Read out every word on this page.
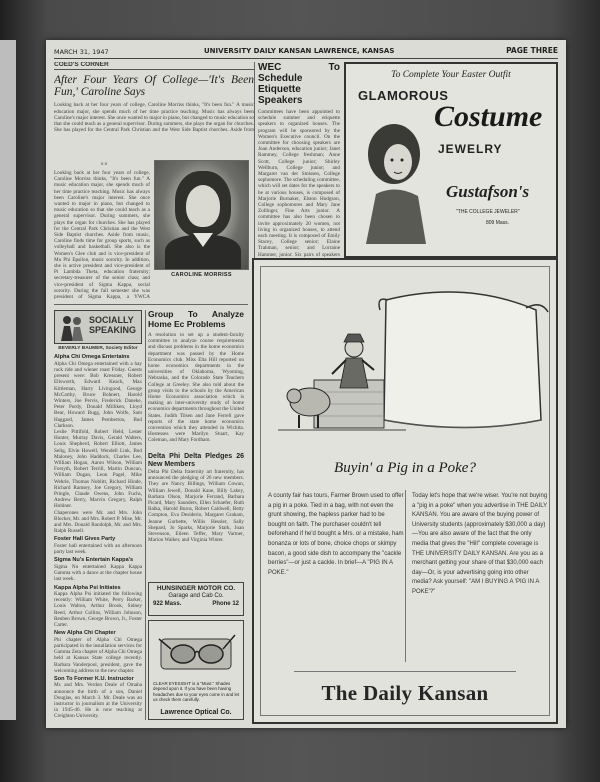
MARCH 31, 1947	UNIVERSITY DAILY KANSAN LAWRENCE, KANSAS	PAGE THREE
COED'S CORNER
After Four Years Of College—'It's Been Fun,' Caroline Says
Looking back at her four years of college, Caroline Morriss thinks, "It's been fun." A music education major, she spends much of her time practice teaching. Music has always been Caroline's major interest. She once wanted to major in piano, but changed to music education so that she could teach as a general supervisor. During summers, she plays the organ for churches. She has played for the Central Park Christian and the West Side Baptist churches. Aside from
o o
Looking back at her four years of college, Caroline Morriss thinks, "It's been fun." A music education major, she spends much of her time practice teaching. Music has always been Caroline's major interest. She once wanted to major in piano, but changed to music education so that she could teach as a general supervisor. During summers, she plays the organ for churches. She has played for the Central Park Christian and the West Side Baptist churches. Aside from music, Caroline finds time for group sports, such as volleyball and basketball. She also is the Women's Glee club and is vice-president of Mu Phi Epsilon, music sorority. In addition, she is active president and vice-president of Pi Lambda Theta, education fraternity; secretary-treasurer of the senior class; and vice-president of Sigma Kappa, social sorority. During the fall semester she was president of Sigma Kappa, a YWCA
CAROLINE MORRISS
WEC To Schedule Etiquette Speakers
Committees have been appointed to schedule summer and etiquette speakers to organized houses. The program will be sponsored by the Women's Executive council. On the committee for choosing speakers are Joan Anderson, education junior; Janet Rammey, College freshman; Anne Scott, College junior; Shirley Wellburn, College junior; and Margaret van der Smissen, College sophomore. The scheduling committee, which will set dates for the speakers to be at various houses, is composed of Marjorie Burnaker, Elston Hodgson, College sophomores and Mary Jane Zollinger, Fine Arts junior. A committee has also been chosen to invite approximately 20 women, not living in organized houses, to attend each meeting. It is composed of Emily Stacey, College senior; Elaine Trahman, senior; and Lorraine Hammer, junior. Six pairs of speakers
To Complete Your Easter Outfit
GLAMOROUS
Costume
JEWELRY
Gustafson's
"THE COLLEGE JEWELER"
809 Mass.
SOCIALLY
SPEAKING
BEVERLY BAUMER, Society Editor
Alpha Chi Omega Entertains
Alpha Chi Omega entertained with a hay rack ride and wiener roast Friday. Guests present were: Bob Kressner, Robert Ellsworth, Edward Keach, Max Kittleman, Harry Livingood, George McCarthy, Bruce Bohnert, Harold Winters, Joe Pervis, Frederick Daneke, Peter Purdy, Donald Milliken, Lloyd Bear, Howard Bugg, John Wolfe, Sam Haggard, James Pemberton, Bud Clarkson.
Leslie Pittifold, Robert Held, Lester Hunter, Murray Davis, Gerald Walters, Louis Shepherd, Robert Elliott, James Selig, Elvin Howell, Wendell Link, Bud Maloney, John Haddock, Charles Lee, William Hogan, Aaron Wilson, William Forsyth, Robert Terrill, Martin Duncan, William Dugan, Leon Pagel, Mike Wehrle, Thomas Noblitt, Richard Hinde, Richard Ramsey, Joe Gregory, William Pringle, Claude Owens, John Fuchs, Andrew Berry, Marvin Gregory, Ralph Hohlner.
Chaperones were Mr. and Mrs. John Blocker, Mr. and Mrs. Robert P. Mise, Mr. and Mrs. Donald Randolph, Mr. and Mrs. Ralph Russell.
Foster Hall Gives Party
Foster hall entertained with an afternoon party last week.
Sigma Nu's Entertain Kappa's
Sigma Nu entertained Kappa Kappa Gamma with a dance at the chapter house last week.
Kappa Alpha Psi Initiates
Kappa Alpha Psi initiated the following recently: William White, Perry Barker, Louis Walton, Arthur Brook, Sidney Reed, Arthur Collins, William Johnson, Reuben Brown, George Brown, Jr., Foster Carter.
New Alpha Chi Chapter
Phi chapter of Alpha Chi Omega participated in the installation services for Gamma Zeta chapter of Alpha Chi Omega held at Kansas State college recently. Barbara Vanderpool, president, gave the welcoming address to the new chapter.
Son To Former K.U. Instructor
Mr. and Mrs. Verdon Deale of Omaha announce the birth of a son, Daniel Douglas, on March 3. Mr. Deale was an instructor in journalism at the University in 1945-46. He is now teaching at Creighton University.
Group To Analyze Home Ec Problems
A resolution to set up a student-faculty committee to analyze course requirements and discuss problems in the home economics department was passed by the Home Economics club. Miss Elta Hill reported on home economics departments in the universities of Oklahoma, Wyoming, Nebraska, and the Colorado State Teachers College at Greeley. She also told about the group visits to the schools by the American Home Economics association which is making an inter-university study of home economics departments throughout the United States. Judith Tilsen and Jane Ferrell gave reports of the state home economics convention which they attended in Wichita. Hostesses were Marilyn Stuart, Kay Coleman, and Mary Fordham.
Delta Phi Delta Pledges 26 New Members
Delta Phi Delta fraternity art fraternity, has announced the pledging of 26 new members. They are Nancy Billings, William Cowan, William Jewell, Donald Kane, Billy Lakey, Barbara Olson, Marjorie Ferrand, Barbara Picard, Mary Saunders, Ellen Schaefer, Ruth Balka, Harold Burns, Robert Caldwell, Betty Compton, Eva Desiderio, Margaret Graham, Jeanne Gurbette, Willis Hessler, Sally Shepard, Jo Sparks, Marjorie Stark, Joan Stevenson, Eileen Teffer, Mary Vartner, Marion Walker, and Virginia Winter.
HUNSINGER MOTOR CO.
Garage and Cab Co.
922 Mass.	Phone 12
CLEAR EYESIGHT is a "Must." Shades depend upon it. If you have been having headaches due to your eyes come in and let us check them carefully.
Lawrence Optical Co.
Buyin' a Pig in a Poke?
A county fair has tours, Farmer Brown used to offer a pig in a poke. Tied in a bag, with not even the grunt showing, the hapless parker had to be bought on faith. The purchaser couldn't tell beforehand if he'd bought a Mrs. or a mistake, ham bonanza or lots of bone, choice chops or skimpy bacon, a good side dish to accompany the "cackle berries"—or just a cackle. In brief—A "PIG IN A POKE."
Today let's hope that we're wiser. You're not buying a "pig in a poke" when you advertise in THE DAILY KANSAN. You are aware of the buying power of University students (approximately $30,000 a day)—You are also aware of the fact that the only media that gives the "Hill" complete coverage is THE UNIVERSITY DAILY KANSAN. Are you as a merchant getting your share of that $30,000 each day—Or, is your advertising going into other media? Ask yourself: "AM I BUYING A 'PIG IN A POKE'?"
The Daily Kansan
